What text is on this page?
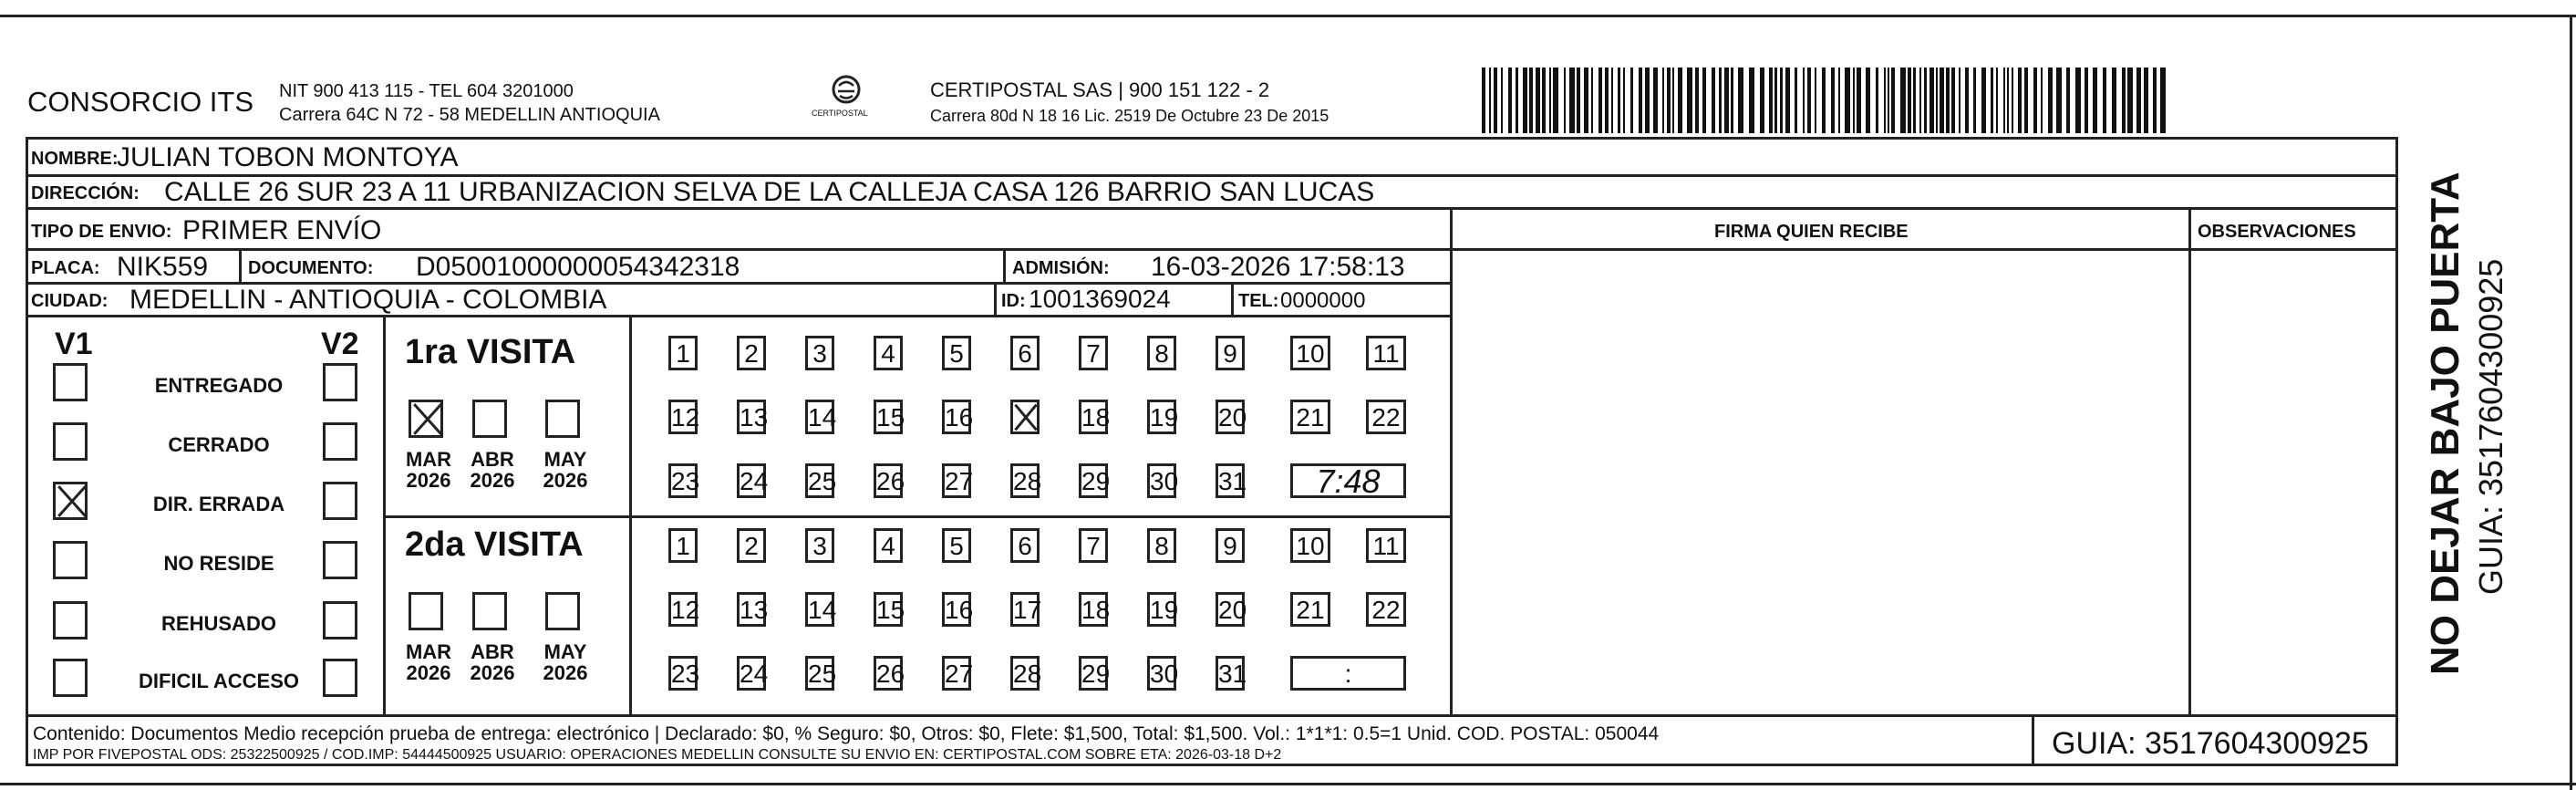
CONSORCIO ITS NIT 900 413 115 - TEL 604 3201000
Carrera 64C N 72 - 58 MEDELLIN ANTIOQUIA	CERTIPOSTAL
CERTIPOSTAL SAS | 900 151 122 - 2
Carrera 80d N 18 16 Lic. 2519 De Octubre 23 De 2015
NOMBRE:
JULIAN TOBON MONTOYA
DIRECCIÓN: CALLE 26 SUR 23 A 11 URBANIZACION SELVA DE LA CALLEJA CASA 126 BARRIO SAN LUCAS
TIPO DE ENVIO: PRIMER ENVÍO	FIRMA QUIEN RECIBE	OBSERVACIONES
PLACA: NIK559 DOCUMENTO: D05001000000054342318	ADMISIÓN: 16-03-2026 17:58:13
CIUDAD: MEDELLIN - ANTIOQUIA - COLOMBIA	ID: 1001369024	TEL: 0000000
V1	V2
ENTREGADO
CERRADO
DIR. ERRADA
NO RESIDE
REHUSADO
DIFICIL ACCESO
1ra VISITA
2da VISITA
MAR
2026
ABR
2026
MAY
2026
1 2 3 4 5 6 7 8 9 10 11
12 13 14 15 16	18 19 20 21 22
23 24 25 26 27 28 29 30 31	7:48
MAR
2026
ABR
2026
MAY
2026
1 2 3 4 5 6 7 8 9 10 11
12 13 14 15 16 17 18 19 20 21 22
23 24 25 26 27 28 29 30 31	:
Contenido: Documentos Medio recepción prueba de entrega: electrónico | Declarado: $0, % Seguro: $0, Otros: $0, Flete: $1,500, Total: $1,500. Vol.: 1*1*1: 0.5=1 Unid. COD. POSTAL: 050044
IMP POR FIVEPOSTAL ODS: 25322500925 / COD.IMP: 54444500925 USUARIO: OPERACIONES MEDELLIN CONSULTE SU ENVIO EN: CERTIPOSTAL.COM SOBRE ETA: 2026-03-18 D+2	GUIA: 3517604300925
NO DEJAR BAJO PUERTA GUIA: 3517604300925
